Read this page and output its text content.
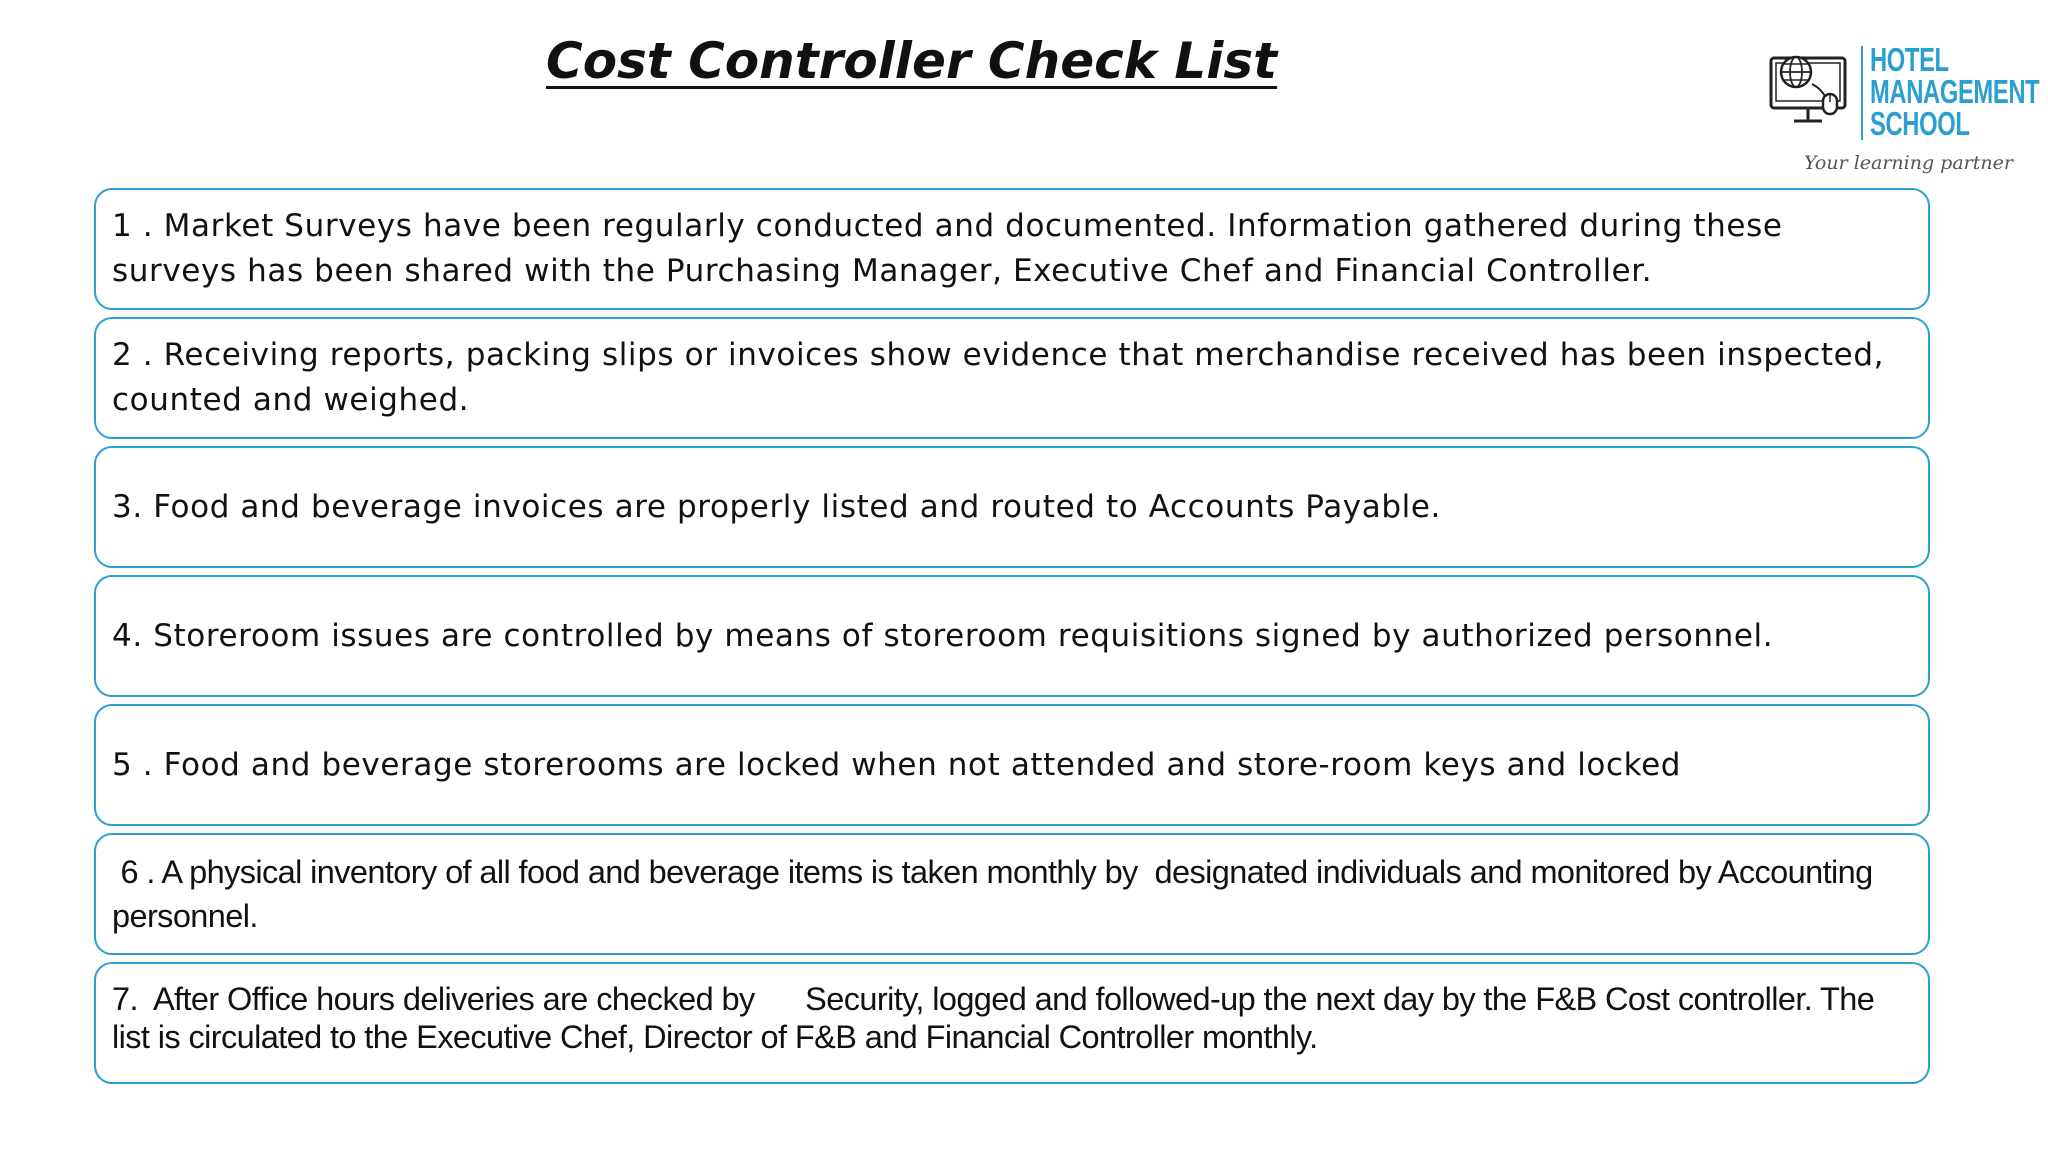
Cost Controller Check List	HOTEL
MANAGEMENT
SCHOOL
Your learning partner
1 . Market Surveys have been regularly conducted and documented. Information gathered during these surveys has been shared with the Purchasing Manager, Executive Chef and Financial Controller.
2 . Receiving reports, packing slips or invoices show evidence that merchandise received has been inspected, counted and weighed.
3. Food and beverage invoices are properly listed and routed to Accounts Payable.
4. Storeroom issues are controlled by means of storeroom requisitions signed by authorized personnel.
5 . Food and beverage storerooms are locked when not attended and store-room keys and locked
6 . A physical inventory of all food and beverage items is taken monthly by  designated individuals and monitored by Accounting personnel.
7.  After Office hours deliveries are checked by      Security, logged and followed-up the next day by the F&B Cost controller. The list is circulated to the Executive Chef, Director of F&B and Financial Controller monthly.
